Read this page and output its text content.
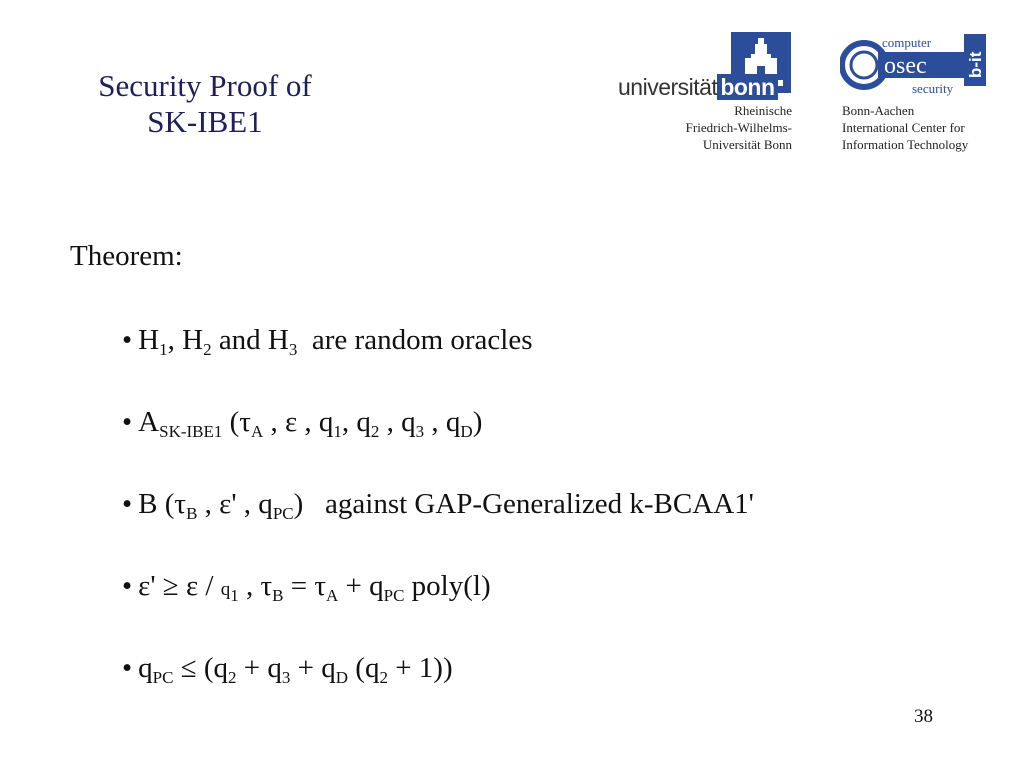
Security Proof of
SK-IBE1
universität bonn
Rheinische
Friedrich-Wilhelms-
Universität Bonn
computer
osec b-it
security
Bonn-Aachen
International Center for
Information Technology
Theorem:
• $H_1$, $H_2$ and $H_3$  are random oracles
• $A_{SK-IBE1}$ ($\tau_A$ , ε , $q_1$, $q_2$ , $q_3$ , $q_D$)
• B ($\tau_B$ , ε' , $q_{PC}$)   against GAP-Generalized k-BCAA1'
• $\varepsilon' \ge \varepsilon / q_1$ , $\tau_B = \tau_A + q_{PC}$ poly(l)
• $q_{PC} \le (q_2 + q_3 + q_D$ $(q_2 + 1)$)
38
